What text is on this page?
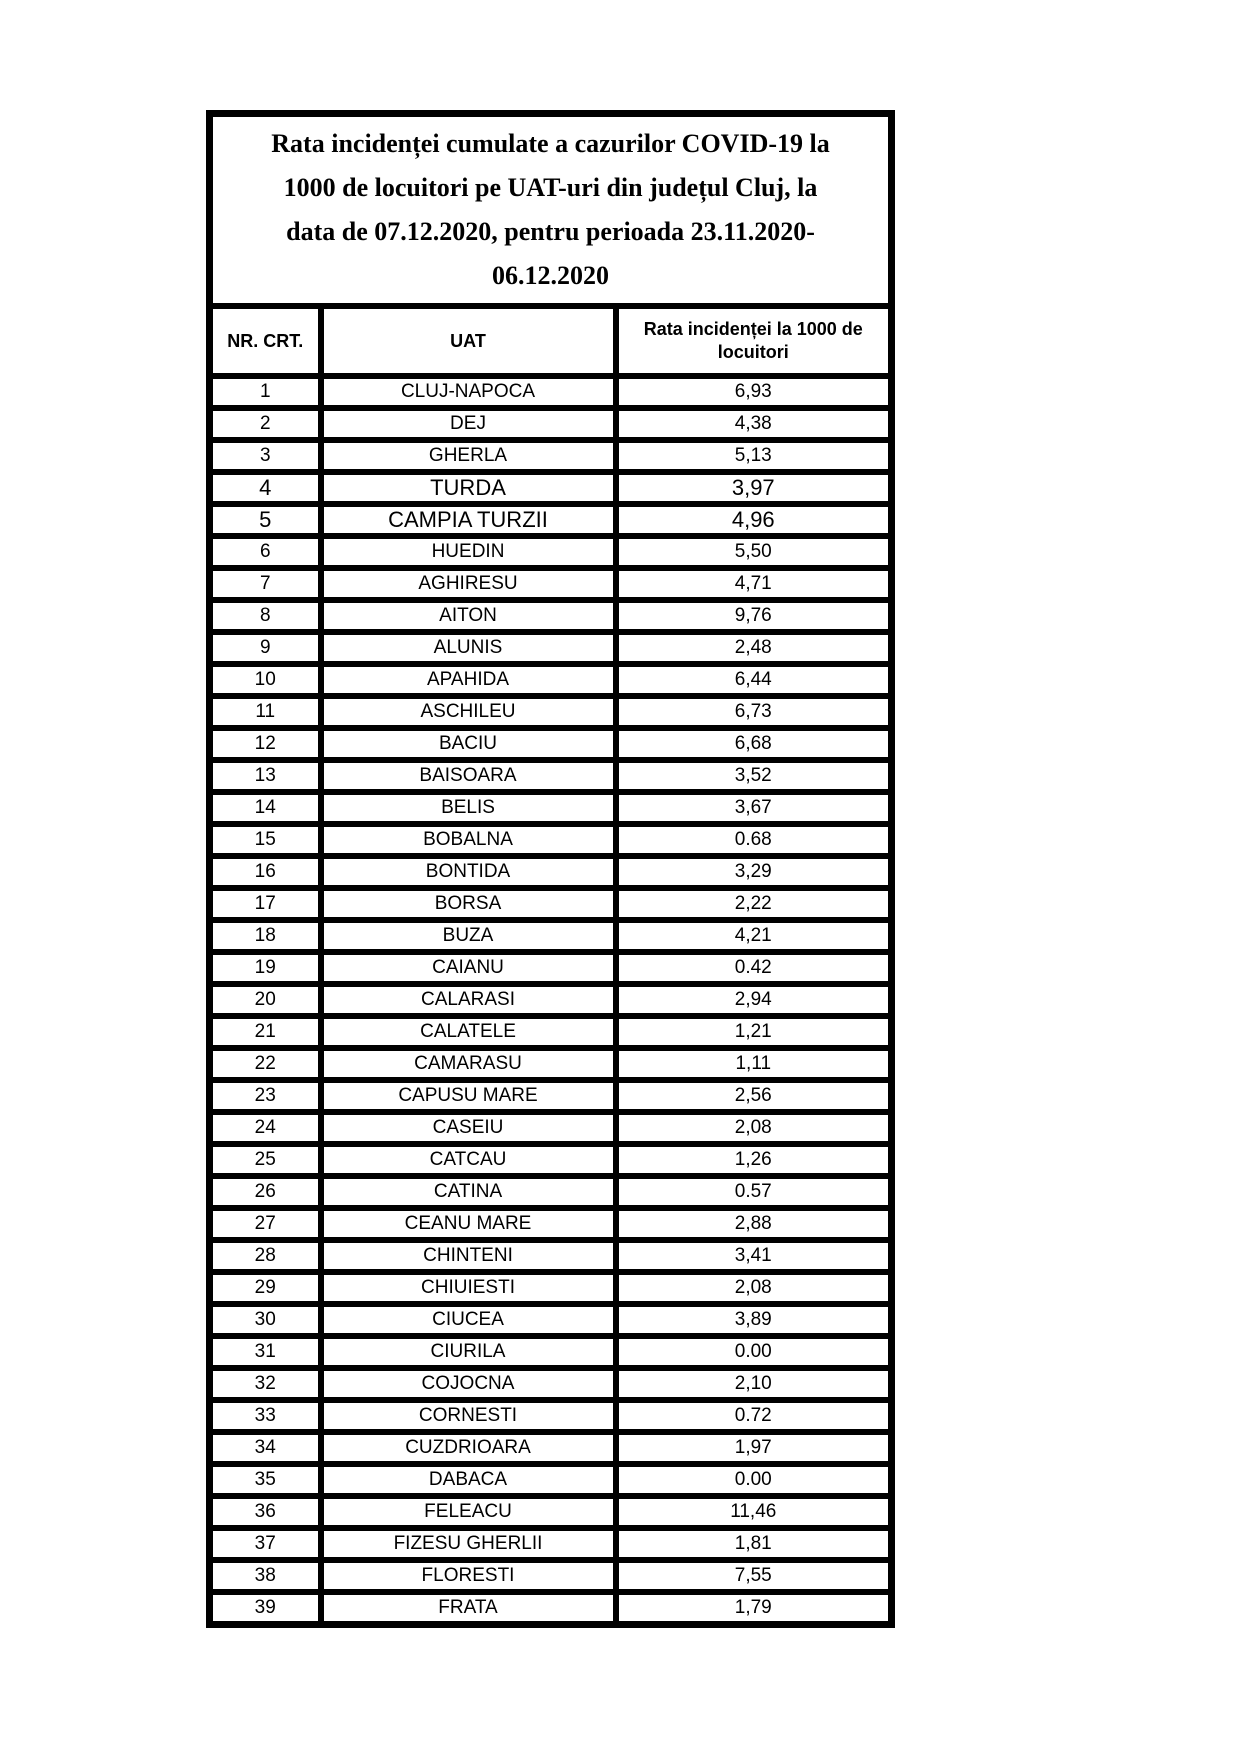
Rata incidenței cumulate a cazurilor COVID-19 la
1000 de locuitori pe UAT-uri din județul Cluj, la
data de 07.12.2020, pentru perioada 23.11.2020-
06.12.2020		

NR. CRT.	UAT	Rata incidenței la 1000 de locuitori

1	CLUJ-NAPOCA	6,93
2	DEJ	4,38
3	GHERLA	5,13
4	TURDA	3,97
5	CAMPIA TURZII	4,96
6	HUEDIN	5,50
7	AGHIRESU	4,71
8	AITON	9,76
9	ALUNIS	2,48
10	APAHIDA	6,44
11	ASCHILEU	6,73
12	BACIU	6,68
13	BAISOARA	3,52
14	BELIS	3,67
15	BOBALNA	0.68
16	BONTIDA	3,29
17	BORSA	2,22
18	BUZA	4,21
19	CAIANU	0.42
20	CALARASI	2,94
21	CALATELE	1,21
22	CAMARASU	1,11
23	CAPUSU MARE	2,56
24	CASEIU	2,08
25	CATCAU	1,26
26	CATINA	0.57
27	CEANU MARE	2,88
28	CHINTENI	3,41
29	CHIUIESTI	2,08
30	CIUCEA	3,89
31	CIURILA	0.00
32	COJOCNA	2,10
33	CORNESTI	0.72
34	CUZDRIOARA	1,97
35	DABACA	0.00
36	FELEACU	11,46
37	FIZESU GHERLII	1,81
38	FLORESTI	7,55
39	FRATA	1,79
